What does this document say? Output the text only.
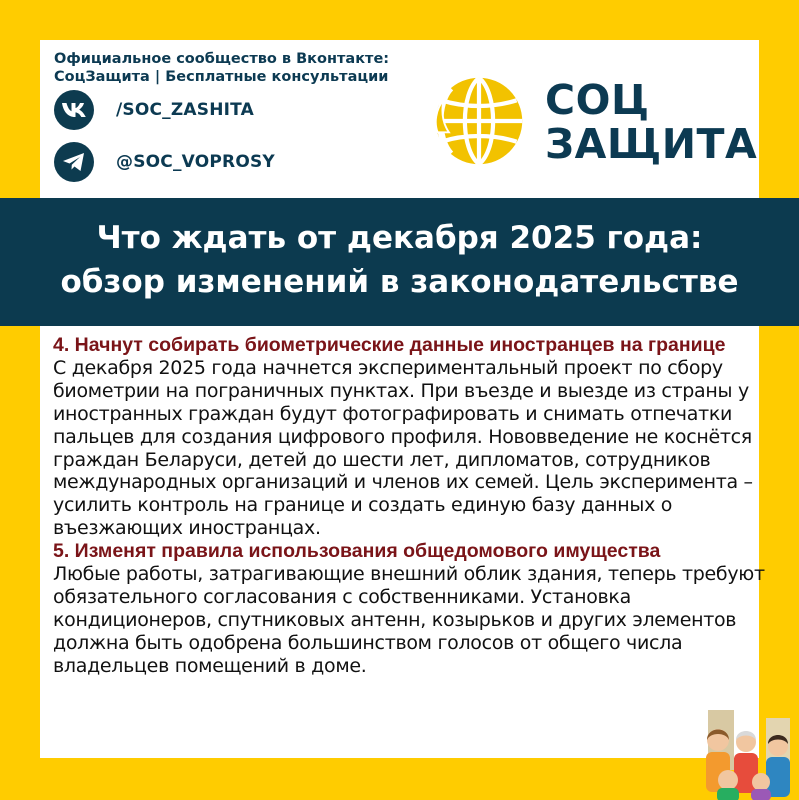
Официальное сообщество в Вконтакте:
СоцЗащита | Бесплатные консультации
/SOC_ZASHITA
@SOC_VOPROSY
СОЦ
ЗАЩИТА
Что ждать от декабря 2025 года:
обзор изменений в законодательстве
4. Начнут собирать биометрические данные иностранцев на границе
С декабря 2025 года начнется экспериментальный проект по сбору биометрии на пограничных пунктах. При въезде и выезде из страны у иностранных граждан будут фотографировать и снимать отпечатки пальцев для создания цифрового профиля. Нововведение не коснётся граждан Беларуси, детей до шести лет, дипломатов, сотрудников международных организаций и членов их семей. Цель эксперимента – усилить контроль на границе и создать единую базу данных о въезжающих иностранцах.
5. Изменят правила использования общедомового имущества
Любые работы, затрагивающие внешний облик здания, теперь требуют обязательного согласования с собственниками. Установка кондиционеров, спутниковых антенн, козырьков и других элементов должна быть одобрена большинством голосов от общего числа владельцев помещений в доме.
